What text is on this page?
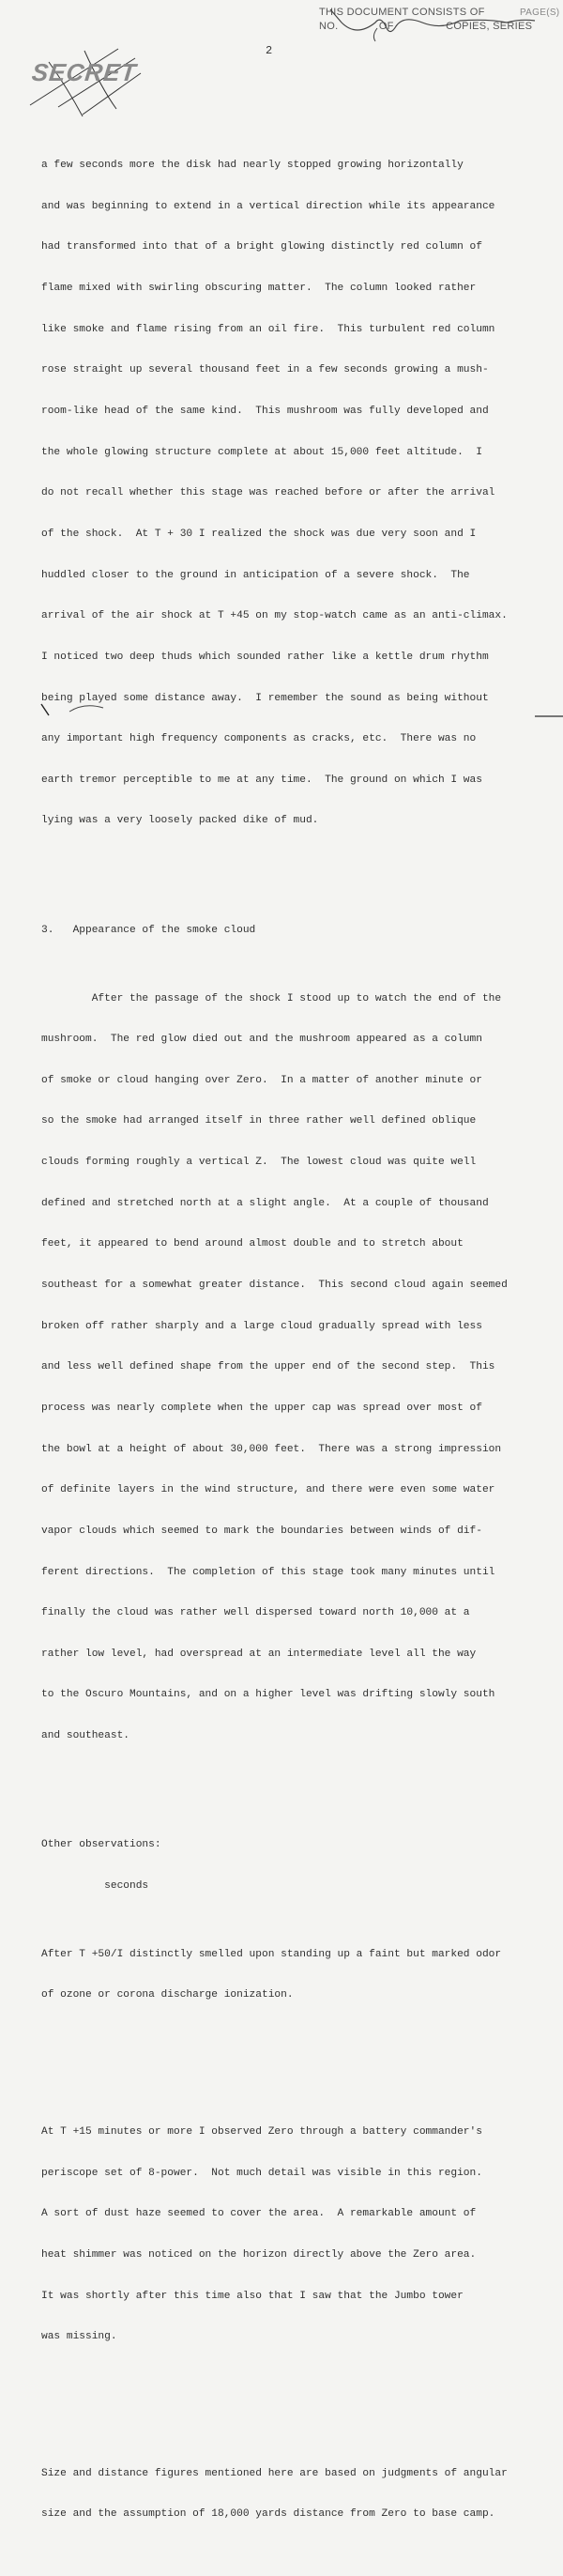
THIS DOCUMENT CONSISTS OF	PAGE(S)
NO.	OF	COPIES, SERIES
2
SECRET

a few seconds more the disk had nearly stopped growing horizontally

and was beginning to extend in a vertical direction while its appearance

had transformed into that of a bright glowing distinctly red column of

flame mixed with swirling obscuring matter.  The column looked rather

like smoke and flame rising from an oil fire.  This turbulent red column

rose straight up several thousand feet in a few seconds growing a mush-

room-like head of the same kind.  This mushroom was fully developed and

the whole glowing structure complete at about 15,000 feet altitude.  I

do not recall whether this stage was reached before or after the arrival

of the shock.  At T + 30 I realized the shock was due very soon and I

huddled closer to the ground in anticipation of a severe shock.  The

arrival of the air shock at T +45 on my stop-watch came as an anti-climax.

I noticed two deep thuds which sounded rather like a kettle drum rhythm

being played some distance away.  I remember the sound as being without

any important high frequency components as cracks, etc.  There was no

earth tremor perceptible to me at any time.  The ground on which I was

lying was a very loosely packed dike of mud.

3.   Appearance of the smoke cloud

After the passage of the shock I stood up to watch the end of the

mushroom.  The red glow died out and the mushroom appeared as a column

of smoke or cloud hanging over Zero.  In a matter of another minute or

so the smoke had arranged itself in three rather well defined oblique

clouds forming roughly a vertical Z.  The lowest cloud was quite well

defined and stretched north at a slight angle.  At a couple of thousand

feet, it appeared to bend around almost double and to stretch about

southeast for a somewhat greater distance.  This second cloud again seemed

broken off rather sharply and a large cloud gradually spread with less

and less well defined shape from the upper end of the second step.  This

process was nearly complete when the upper cap was spread over most of

the bowl at a height of about 30,000 feet.  There was a strong impression

of definite layers in the wind structure, and there were even some water

vapor clouds which seemed to mark the boundaries between winds of dif-

ferent directions.  The completion of this stage took many minutes until

finally the cloud was rather well dispersed toward north 10,000 at a

rather low level, had overspread at an intermediate level all the way

to the Oscuro Mountains, and on a higher level was drifting slowly south

and southeast.

Other observations:

seconds

After T +50/I distinctly smelled upon standing up a faint but marked odor

of ozone or corona discharge ionization.

At T +15 minutes or more I observed Zero through a battery commander's

periscope set of 8-power.  Not much detail was visible in this region.

A sort of dust haze seemed to cover the area.  A remarkable amount of

heat shimmer was noticed on the horizon directly above the Zero area.

It was shortly after this time also that I saw that the Jumbo tower

was missing.

Size and distance figures mentioned here are based on judgments of angular

size and the assumption of 18,000 yards distance from Zero to base camp.
